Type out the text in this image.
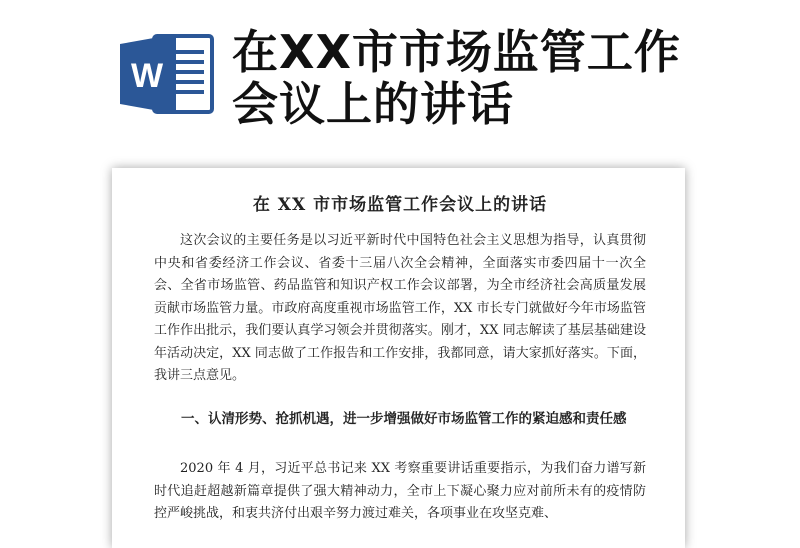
W 在XX市市场监管工作会议上的讲话
在 XX 市市场监管工作会议上的讲话

这次会议的主要任务是以习近平新时代中国特色社会主义思想为指导，认真贯彻中央和省委经济工作会议、省委十三届八次全会精神，全面落实市委四届十一次全会、全省市场监管、药品监管和知识产权工作会议部署，为全市经济社会高质量发展贡献市场监管力量。市政府高度重视市场监管工作，XX 市长专门就做好今年市场监管工作作出批示，我们要认真学习领会并贯彻落实。刚才，XX 同志解读了基层基础建设年活动决定，XX 同志做了工作报告和工作安排，我都同意，请大家抓好落实。下面，我讲三点意见。

一、认清形势、抢抓机遇，进一步增强做好市场监管工作的紧迫感和责任感

2020 年 4 月，习近平总书记来 XX 考察重要讲话重要指示，为我们奋力谱写新时代追赶超越新篇章提供了强大精神动力，全市上下凝心聚力应对前所未有的疫情防控严峻挑战，和衷共济付出艰辛努力渡过难关，各项事业在攻坚克难、
